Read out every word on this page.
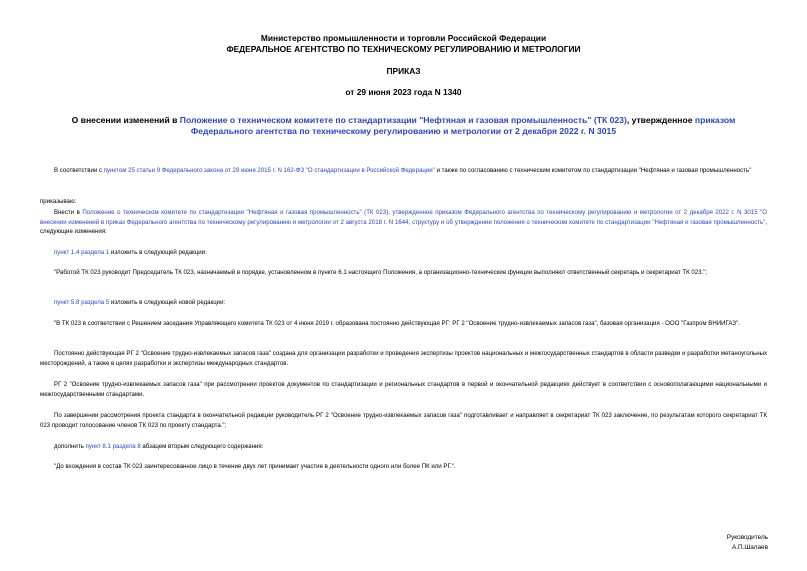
Министерство промышленности и торговли Российской Федерации
ФЕДЕРАЛЬНОЕ АГЕНТСТВО ПО ТЕХНИЧЕСКОМУ РЕГУЛИРОВАНИЮ И МЕТРОЛОГИИ
ПРИКАЗ
от 29 июня 2023 года N 1340
О внесении изменений в Положение о техническом комитете по стандартизации "Нефтяная и газовая промышленность" (ТК 023), утвержденное приказом Федерального агентства по техническому регулированию и метрологии от 2 декабря 2022 г. N 3015
В соответствии с пунктом 25 статьи 9 Федерального закона от 29 июня 2015 г. N 162-ФЗ "О стандартизации в Российской Федерации" и также по согласованию с техническим комитетом по стандартизации "Нефтяная и газовая промышленность"
приказываю:
Внести в Положение о техническом комитете по стандартизации "Нефтяная и газовая промышленность" (ТК 023), утвержденное приказом Федерального агентства по техническому регулированию и метрологии от 2 декабря 2022 г. N 3015 "О внесении изменений в приказ Федерального агентства по техническому регулированию и метрологии от 2 августа 2018 г. N 1644, структуру и об утверждении положения о техническом комитете по стандартизации "Нефтяная и газовая промышленность", следующие изменения:
пункт 1.4 раздела 1 изложить в следующей редакции:
"Работой ТК 023 руководит Председатель ТК 023, назначаемый в порядке, установленном в пункте 6.1 настоящего Положения, а организационно-технические функции выполняют ответственный секретарь и секретариат ТК 023.";
пункт 5.8 раздела 5 изложить в следующей новой редакции:
"В ТК 023 в соответствии с Решением заседания Управляющего комитета ТК 023 от 4 июня 2019 г. образована постоянно действующая РГ: РГ 2 "Освоение трудно-извлекаемых запасов газа", базовая организация - ООО "Газпром ВНИИГАЗ".
Постоянно действующая РГ 2 "Освоение трудно-извлекаемых запасов газа" создана для организации разработки и проведения экспертизы проектов национальных и межгосударственных стандартов в области разведки и разработки метаноугольных месторождений, а также в целях разработки и экспертизы международных стандартов.
РГ 2 "Освоение трудно-извлекаемых запасов газа" при рассмотрении проектов документов по стандартизации и региональных стандартов в первой и окончательной редакциях действует в соответствии с основополагающими национальными и межгосударственными стандартами.
По завершении рассмотрения проекта стандарта в окончательной редакции руководитель РГ 2 "Освоение трудно-извлекаемых запасов газа" подготавливает и направляет в секретариат ТК 023 заключение, по результатам которого секретариат ТК 023 проводит голосование членов ТК 023 по проекту стандарта.";
дополнить пункт 8.1 раздела 8 абзацем вторым следующего содержания:
"До вхождения в состав ТК 023 заинтересованное лицо в течение двух лет принимает участие в деятельности одного или более ПК или РГ.".
Руководитель
А.П.Шалаев
